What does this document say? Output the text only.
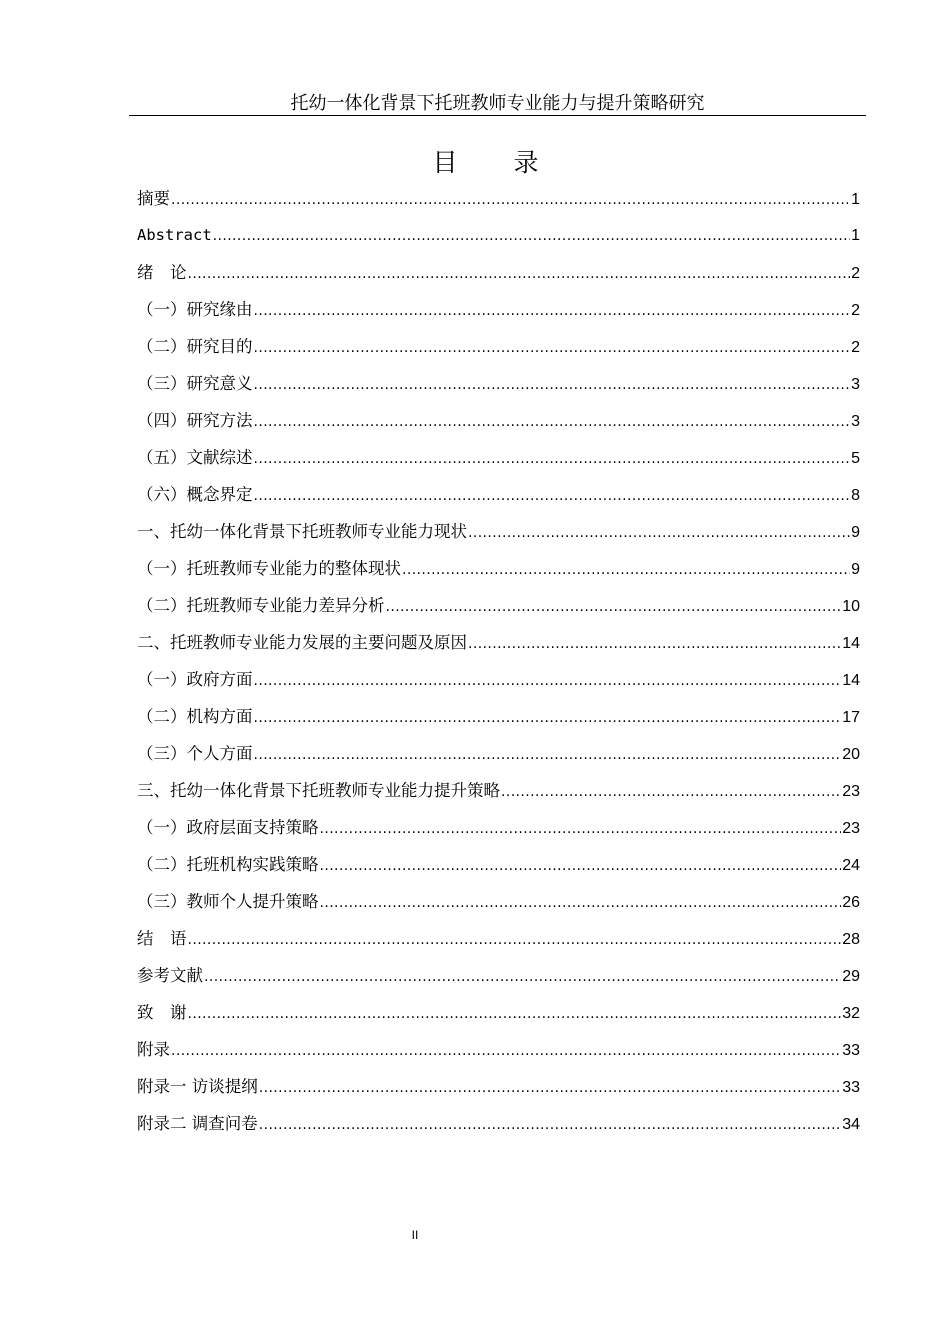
托幼一体化背景下托班教师专业能力与提升策略研究
目 录
摘要 .....	1
Abstract .....	1
绪　论 .....	2
（一）研究缘由 .....	2
（二）研究目的 .....	2
（三）研究意义 .....	3
（四）研究方法 .....	3
（五）文献综述 .....	5
（六）概念界定 .....	8
一、托幼一体化背景下托班教师专业能力现状 .....	9
（一）托班教师专业能力的整体现状 .....	9
（二）托班教师专业能力差异分析 .....	10
二、托班教师专业能力发展的主要问题及原因 .....	14
（一）政府方面 .....	14
（二）机构方面 .....	17
（三）个人方面 .....	20
三、托幼一体化背景下托班教师专业能力提升策略 .....	23
（一）政府层面支持策略 .....	23
（二）托班机构实践策略 .....	24
（三）教师个人提升策略 .....	26
结　语 .....	28
参考文献 .....	29
致　谢 .....	32
附录 .....	33
附录一 访谈提纲 .....	33
附录二 调查问卷 .....	34
II
